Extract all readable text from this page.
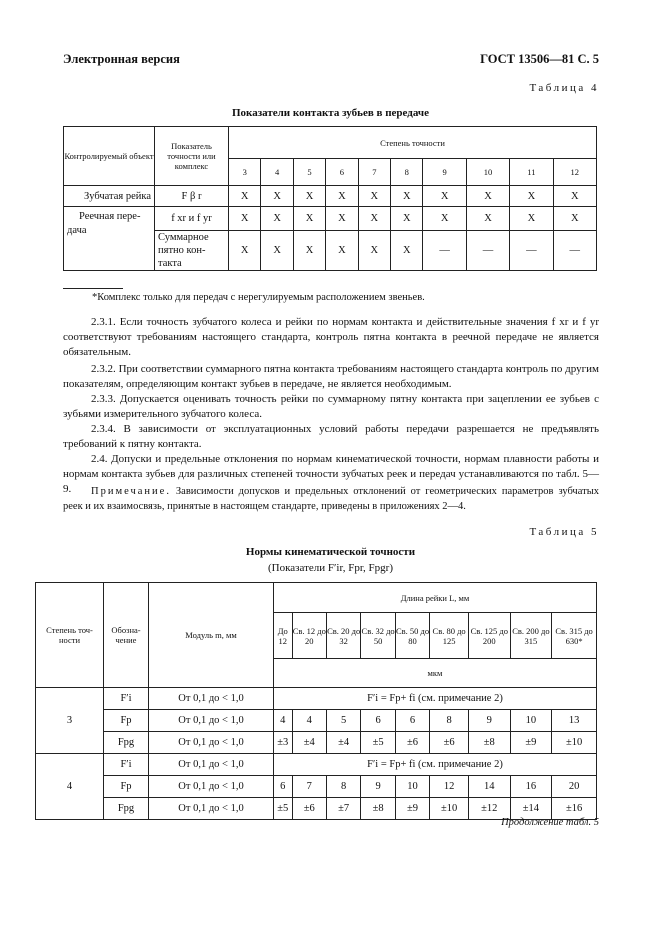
Электронная версия	ГОСТ 13506—81 С. 5
Таблица 4
Показатели контакта зубьев в передаче
Контролируемый объект	Показатель точности или комплекс	Степень точности									
		3	4	5	6	7	8	9	10	11	12
Зубчатая рейка	F β r	X	X	X	X	X	X	X	X	X	X
Реечная пере-дача	f xr и f yr	X	X	X	X	X	X	X	X	X	X
	Суммарное пятно кон-такта	X	X	X	X	X	X	—	—	—	—
*Комплекс только для передач с нерегулируемым расположением звеньев.
2.3.1. Если точность зубчатого колеса и рейки по нормам контакта и действительные значения f xr и f yr соответствуют требованиям настоящего стандарта, контроль пятна контакта в реечной передаче не является обязательным.
2.3.2. При соответствии суммарного пятна контакта требованиям настоящего стандарта контроль по другим показателям, определяющим контакт зубьев в передаче, не является необходимым.
2.3.3. Допускается оценивать точность рейки по суммарному пятну контакта при зацеплении ее зубьев с зубьями измерительного зубчатого колеса.
2.3.4. В зависимости от эксплуатационных условий работы передачи разрешается не предъявлять требований к пятну контакта.
2.4. Допуски и предельные отклонения по нормам кинематической точности, нормам плавности работы и нормам контакта зубьев для различных степеней точности зубчатых реек и передач устанавливаются по табл. 5—9.	Примечание. Зависимости допусков и предельных отклонений от геометрических параметров зубчатых реек и их взаимосвязь, принятые в настоящем стандарте, приведены в приложениях 2—4.
Таблица 5
Нормы кинематической точности
(Показатели F′ir, Fpr, Fpgr)
Степень точ-ности	Обозна-чение	Модуль m, мм	Длина рейки L, мм								
			До 12	Св. 12 до 20	Св. 20 до 32	Св. 32 до 50	Св. 50 до 80	Св. 80 до 125	Св. 125 до 200	Св. 200 до 315	Св. 315 до 630*
			мкм								
3	F′i	От 0,1 до < 1,0	F′i = Fp+ fi (см. примечание 2)								
	Fp	От 0,1 до < 1,0	4	4	5	6	6	8	9	10	13
	Fpg	От 0,1 до < 1,0	±3	±4	±4	±5	±6	±6	±8	±9	±10
4	F′i	От 0,1 до < 1,0	F′i = Fp+ fi (см. примечание 2)								
	Fp	От 0,1 до < 1,0	6	7	8	9	10	12	14	16	20
	Fpg	От 0,1 до < 1,0	±5	±6	±7	±8	±9	±10	±12	±14	±16
Продолжение табл. 5
